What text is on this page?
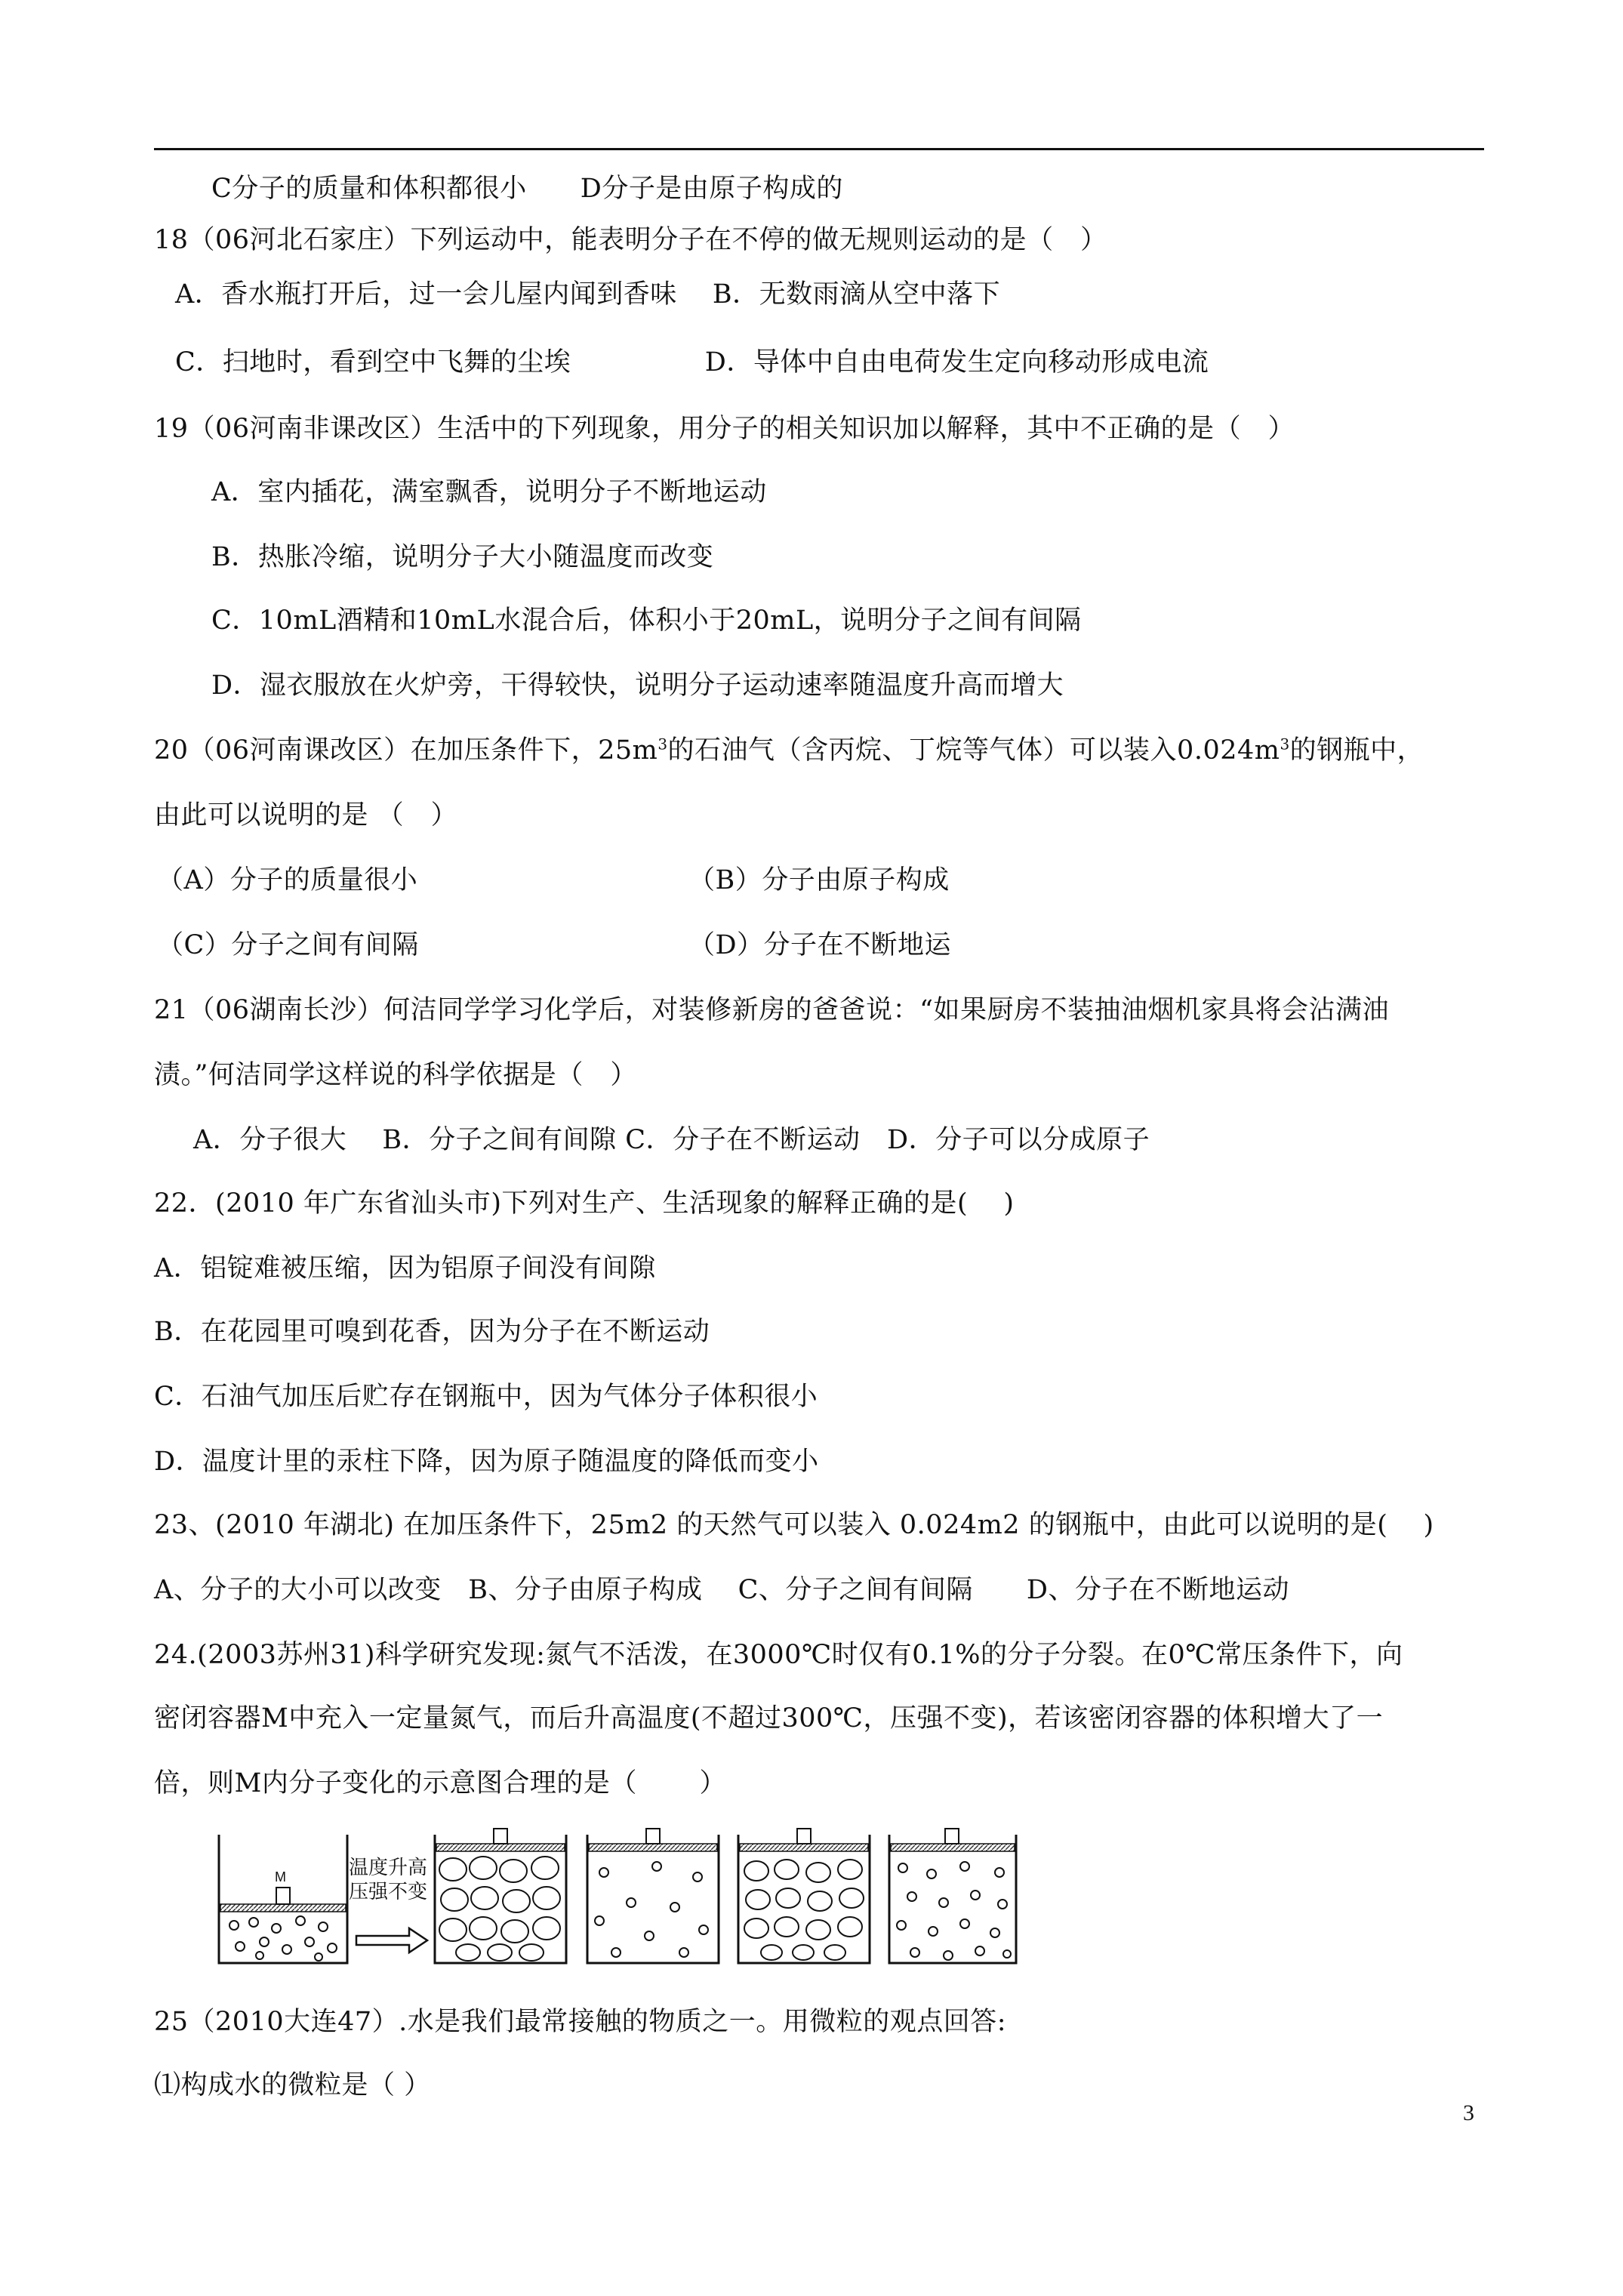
C分子的质量和体积都很小　　D分子是由原子构成的
18（06河北石家庄）下列运动中，能表明分子在不停的做无规则运动的是（　）
A．香水瓶打开后，过一会儿屋内闻到香味　 B．无数雨滴从空中落下
C．扫地时，看到空中飞舞的尘埃　　　　　D．导体中自由电荷发生定向移动形成电流
19（06河南非课改区）生活中的下列现象，用分子的相关知识加以解释，其中不正确的是（　）
A．室内插花，满室飘香，说明分子不断地运动
B．热胀冷缩，说明分子大小随温度而改变
C．10mL酒精和10mL水混合后，体积小于20mL，说明分子之间有间隔
D．湿衣服放在火炉旁，干得较快，说明分子运动速率随温度升高而增大
20（06河南课改区）在加压条件下，$25m^3$的石油气（含丙烷、丁烷等气体）可以装入$0.024m^3$的钢瓶中，
由此可以说明的是 （　）
（A）分子的质量很小	（B）分子由原子构成
（C）分子之间有间隔	（D）分子在不断地运
21（06湖南长沙）何洁同学学习化学后，对装修新房的爸爸说：“如果厨房不装抽油烟机家具将会沾满油
渍。”何洁同学这样说的科学依据是（　）
A．分子很大　 B．分子之间有间隙 C．分子在不断运动　D．分子可以分成原子
22．(2010 年广东省汕头市)下列对生产、生活现象的解释正确的是(　 )
A．铝锭难被压缩，因为铝原子间没有间隙
B．在花园里可嗅到花香，因为分子在不断运动
C．石油气加压后贮存在钢瓶中，因为气体分子体积很小
D．温度计里的汞柱下降，因为原子随温度的降低而变小
23、(2010 年湖北) 在加压条件下，25m2 的天然气可以装入 0.024m2 的钢瓶中，由此可以说明的是(　 )
A、分子的大小可以改变　B、分子由原子构成　 C、分子之间有间隔　　D、分子在不断地运动
24.(2003苏州31)科学研究发现:氮气不活泼，在3000℃时仅有0.1%的分子分裂。在0℃常压条件下，向
密闭容器M中充入一定量氮气，而后升高温度(不超过300℃，压强不变)，若该密闭容器的体积增大了一
倍，则M内分子变化的示意图合理的是（　　 ）
M	温度升高
压强不变
25（2010大连47）.水是我们最常接触的物质之一。用微粒的观点回答:
⑴构成水的微粒是（ ）
3
